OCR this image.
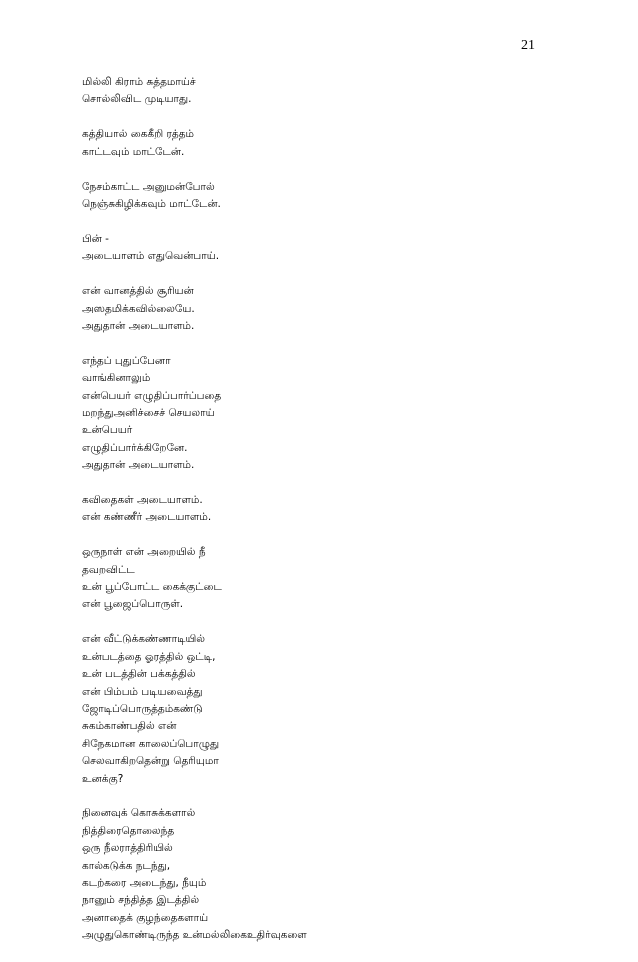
21
மில்லி கிராம் சுத்தமாய்ச்
சொல்லிவிட முடியாது.
கத்தியால் கைகீறி ரத்தம்
காட்டவும் மாட்டேன்.
நேசம்காட்ட அனுமன்போல்
நெஞ்சுகிழிக்கவும் மாட்டேன்.
பின் -
அடையாளம் எதுவென்பாய்.
என் வானத்தில் சூரியன்
அஸதமிக்கவில்லையே.
அதுதான் அடையாளம்.
எந்தப் புதுப்பேனா
வாங்கினாலும்
என்பெயர் எழுதிப்பார்ப்பதை
மறந்துஅனிச்சைச் செயலாய்
உன்பெயர்
எழுதிப்பார்க்கிறேனே.
அதுதான் அடையாளம்.
கவிதைகள் அடையாளம்.
என் கண்ணீர் அடையாளம்.
ஒருநாள் என் அறையில் நீ
தவறவிட்ட
உன் பூப்போட்ட கைக்குட்டை
என் பூஜைப்பொருள்.
என் வீட்டுக்கண்ணாடியில்
உன்படத்தை ஓரத்தில் ஒட்டி,
உன் படத்தின் பக்கத்தில்
என் பிம்பம் படியவைத்து
ஜோடிப்பொருத்தம்கண்டு
சுகம்காண்பதில் என்
சிநேகமான காலைப்பொழுது
செலவாகிறதென்று தெரியுமா
உனக்கு?
நினைவுக் கொசுக்களால்
நித்திரைதொலைந்த
ஒரு நீலராத்திரியில்
கால்கடுக்க நடந்து,
கடற்கரை அடைந்து, நீயும்
நானும் சந்தித்த இடத்தில்
அனாதைக் குழந்தைகளாய்
அழுதுகொண்டிருந்த உன்மல்லிகைஉதிர்வுகளை
